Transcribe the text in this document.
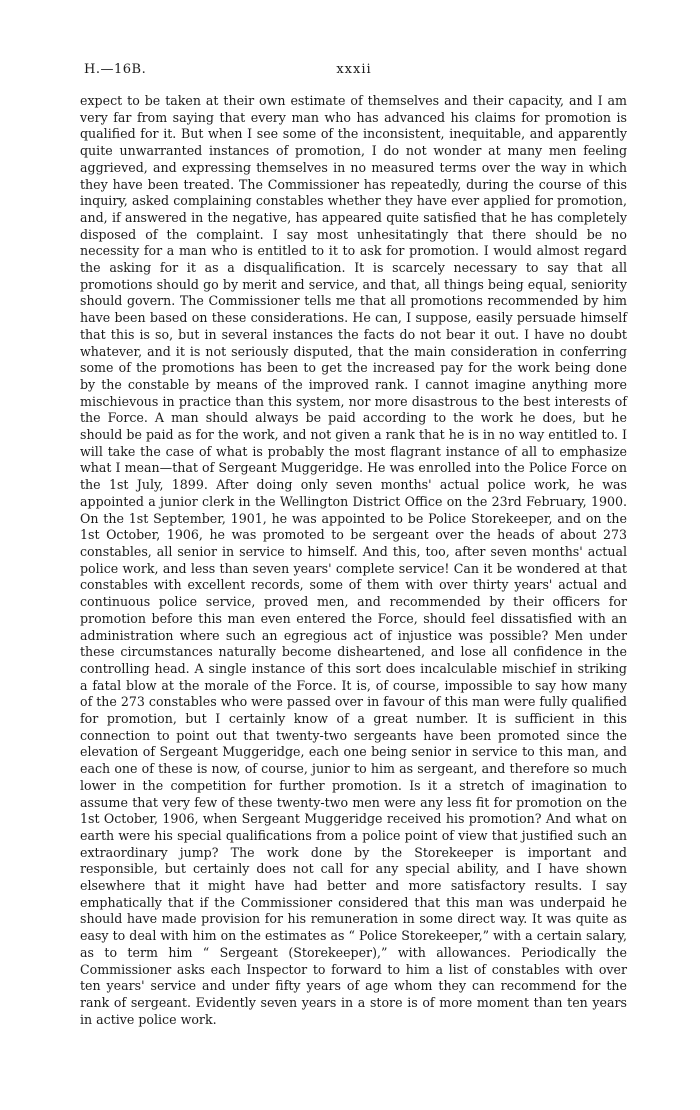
H.—16B.	xxxii

expect to be taken at their own estimate of themselves and their capacity, and I am very far from saying that every man who has advanced his claims for promotion is qualified for it. But when I see some of the inconsistent, inequitable, and apparently quite unwarranted instances of promotion, I do not wonder at many men feeling aggrieved, and expressing themselves in no measured terms over the way in which they have been treated. The Commissioner has repeatedly, during the course of this inquiry, asked complaining constables whether they have ever applied for promotion, and, if answered in the negative, has appeared quite satisfied that he has completely disposed of the complaint. I say most unhesitatingly that there should be no necessity for a man who is entitled to it to ask for promotion. I would almost regard the asking for it as a disqualification. It is scarcely necessary to say that all promotions should go by merit and service, and that, all things being equal, seniority should govern. The Commissioner tells me that all promotions recommended by him have been based on these considerations. He can, I suppose, easily persuade himself that this is so, but in several instances the facts do not bear it out. I have no doubt whatever, and it is not seriously disputed, that the main consideration in conferring some of the promotions has been to get the increased pay for the work being done by the constable by means of the improved rank. I cannot imagine anything more mischievous in practice than this system, nor more disastrous to the best interests of the Force. A man should always be paid according to the work he does, but he should be paid as for the work, and not given a rank that he is in no way entitled to. I will take the case of what is probably the most flagrant instance of all to emphasize what I mean—that of Sergeant Muggeridge. He was enrolled into the Police Force on the 1st July, 1899. After doing only seven months' actual police work, he was appointed a junior clerk in the Wellington District Office on the 23rd February, 1900. On the 1st September, 1901, he was appointed to be Police Storekeeper, and on the 1st October, 1906, he was promoted to be sergeant over the heads of about 273 constables, all senior in service to himself. And this, too, after seven months' actual police work, and less than seven years' complete service! Can it be wondered at that constables with excellent records, some of them with over thirty years' actual and continuous police service, proved men, and recommended by their officers for promotion before this man even entered the Force, should feel dissatisfied with an administration where such an egregious act of injustice was possible? Men under these circumstances naturally become disheartened, and lose all confidence in the controlling head. A single instance of this sort does incalculable mischief in striking a fatal blow at the morale of the Force. It is, of course, impossible to say how many of the 273 constables who were passed over in favour of this man were fully qualified for promotion, but I certainly know of a great number. It is sufficient in this connection to point out that twenty-two sergeants have been promoted since the elevation of Sergeant Muggeridge, each one being senior in service to this man, and each one of these is now, of course, junior to him as sergeant, and therefore so much lower in the competition for further promotion. Is it a stretch of imagination to assume that very few of these twenty-two men were any less fit for promotion on the 1st October, 1906, when Sergeant Muggeridge received his promotion? And what on earth were his special qualifications from a police point of view that justified such an extraordinary jump? The work done by the Storekeeper is important and responsible, but certainly does not call for any special ability, and I have shown elsewhere that it might have had better and more satisfactory results. I say emphatically that if the Commissioner considered that this man was underpaid he should have made provision for his remuneration in some direct way. It was quite as easy to deal with him on the estimates as “ Police Storekeeper,” with a certain salary, as to term him “ Sergeant (Storekeeper),” with allowances. Periodically the Commissioner asks each Inspector to forward to him a list of constables with over ten years' service and under fifty years of age whom they can recommend for the rank of sergeant. Evidently seven years in a store is of more moment than ten years in active police work.
